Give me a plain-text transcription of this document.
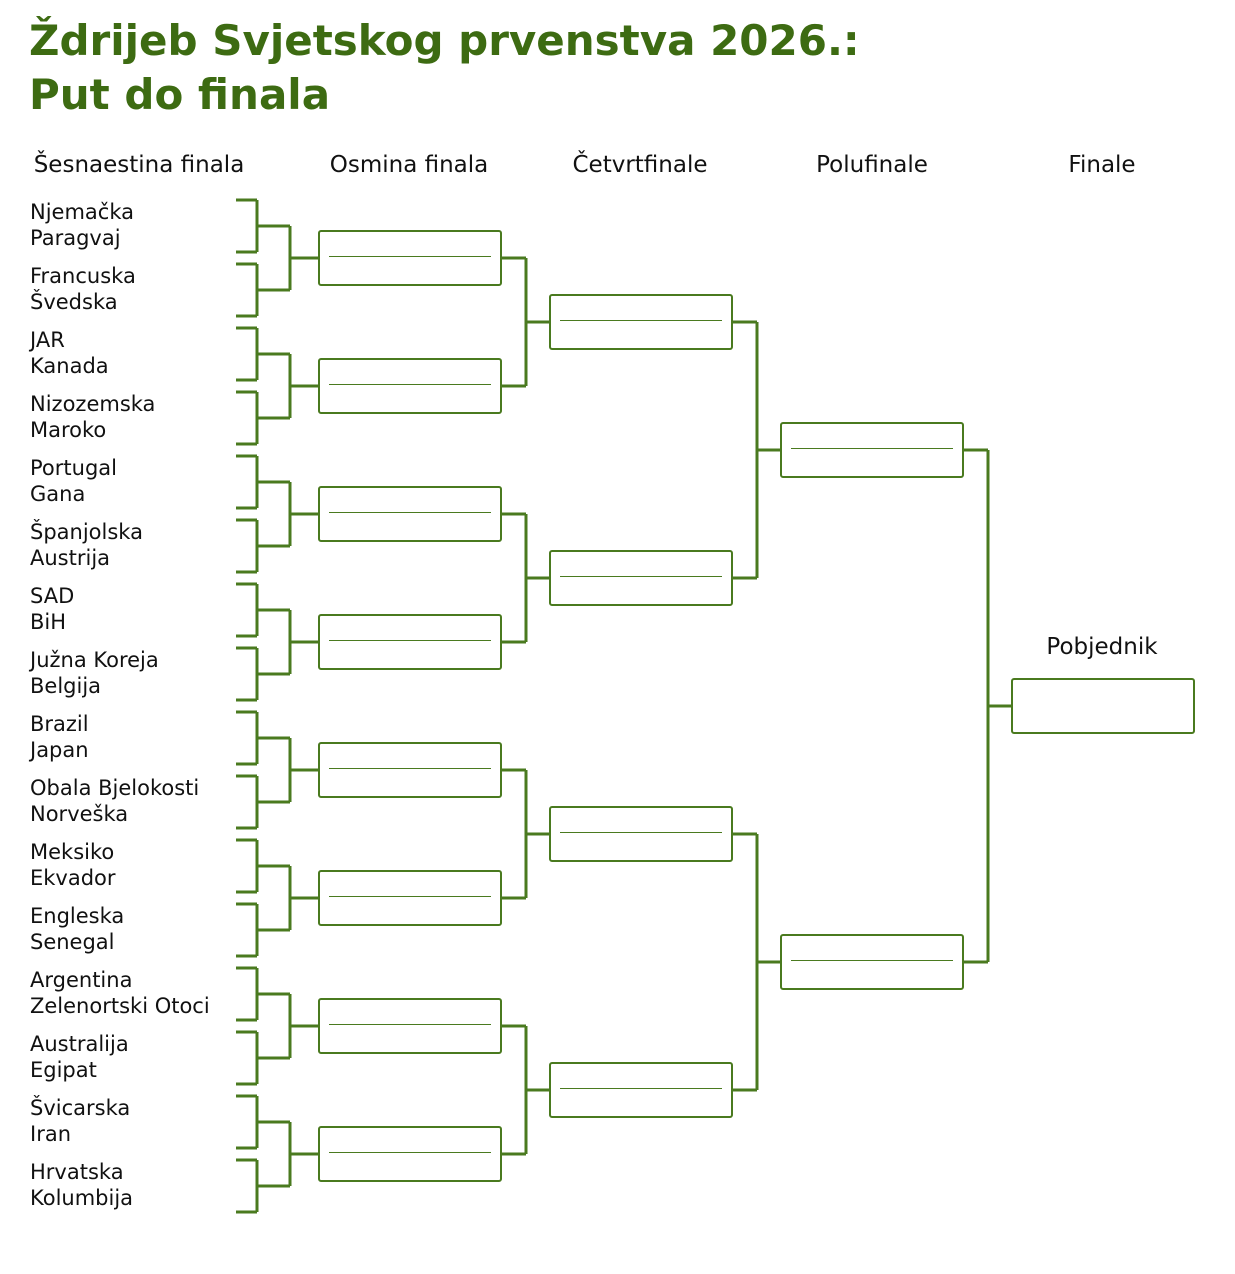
Ždrijeb Svjetskog prvenstva 2026.:
Put do finala
Šesnaestina finala	Osmina finala	Četvrtfinale	Polufinale	Finale
Njemačka
Paragvaj
Francuska
Švedska
JAR
Kanada
Nizozemska
Maroko
Portugal
Gana
Španjolska
Austrija
SAD
BiH
Južna Koreja
Belgija
Brazil
Japan
Obala Bjelokosti
Norveška
Meksiko
Ekvador
Engleska
Senegal
Argentina
Zelenortski Otoci
Australija
Egipat
Švicarska
Iran
Hrvatska
Kolumbija
Pobjednik
